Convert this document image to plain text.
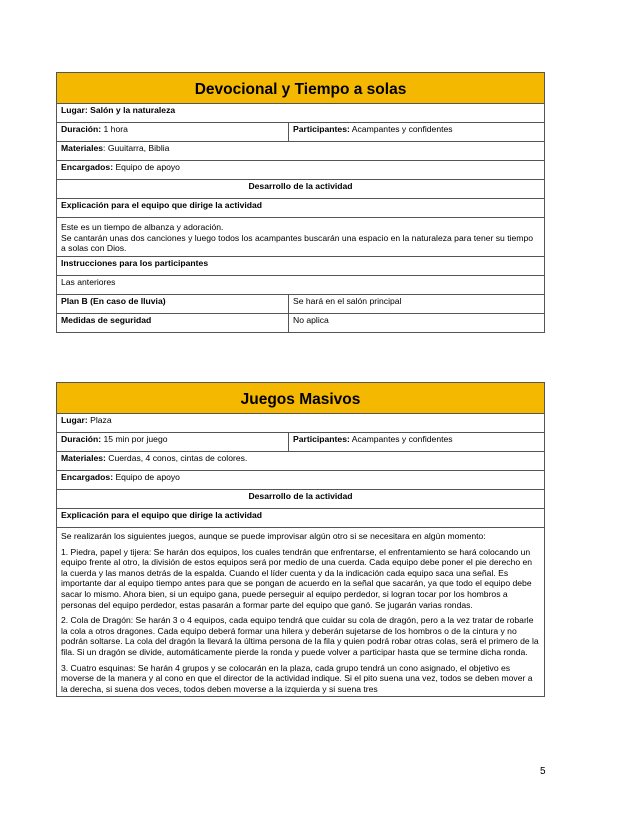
Devocional y Tiempo a solas	
Lugar: Salón y la naturaleza	
Duración: 1 hora	Participantes: Acampantes y confidentes
Materiales: Guuitarra, Biblia	
Encargados: Equipo de apoyo	
Desarrollo de la actividad	
Explicación para el equipo que dirige la actividad	

Este es un tiempo de albanza y adoración.
Se cantarán unas dos canciones y luego todos los acampantes buscarán una espacio en la naturaleza para tener su tiempo a solas con Dios.	

Instrucciones para los participantes	
Las anteriores	
Plan B (En caso de lluvia)	Se hará en el salón principal
Medidas de seguridad	No aplica
Juegos Masivos
Lugar: Plaza
Duración: 15 min por juego	Participantes: Acampantes y confidentes
Materiales: Cuerdas, 4 conos, cintas de colores.
Encargados: Equipo de apoyo
Desarrollo de la actividad
Explicación para el equipo que dirige la actividad

Se realizarán los siguientes juegos, aunque se puede improvisar algún otro si se necesitara en algún momento:

1. Piedra, papel y tijera: Se harán dos equipos, los cuales tendrán que enfrentarse, el enfrentamiento se hará colocando un equipo frente al otro, la división de estos equipos será por medio de una cuerda. Cada equipo debe poner el pie derecho en la cuerda y las manos detrás de la espalda. Cuando el líder cuenta y da la indicación cada equipo saca una señal. Es importante dar al equipo tiempo antes para que se pongan de acuerdo en la señal que sacarán, ya que todo el equipo debe sacar lo mismo. Ahora bien, si un equipo gana, puede perseguir al equipo perdedor, si logran tocar por los hombros a personas del equipo perdedor, estas pasarán a formar parte del equipo que ganó. Se jugarán varias rondas.

2. Cola de Dragón: Se harán 3 o 4 equipos, cada equipo tendrá que cuidar su cola de dragón, pero a la vez tratar de robarle la cola a otros dragones. Cada equipo deberá formar una hilera y deberán sujetarse de los hombros o de la cintura y no podrán soltarse. La cola del dragón la llevará la última persona de la fila y quien podrá robar otras colas, será el primero de la fila. Si un dragón se divide, automáticamente pierde la ronda y puede volver a participar hasta que se termine dicha ronda.

3. Cuatro esquinas: Se harán 4 grupos y se colocarán en la plaza, cada grupo tendrá un cono asignado, el objetivo es moverse de la manera y al cono en que el director de la actividad indique. Si el pito suena una vez, todos se deben mover a la derecha, si suena dos veces, todos deben moverse a la izquierda y si suena tres

5
